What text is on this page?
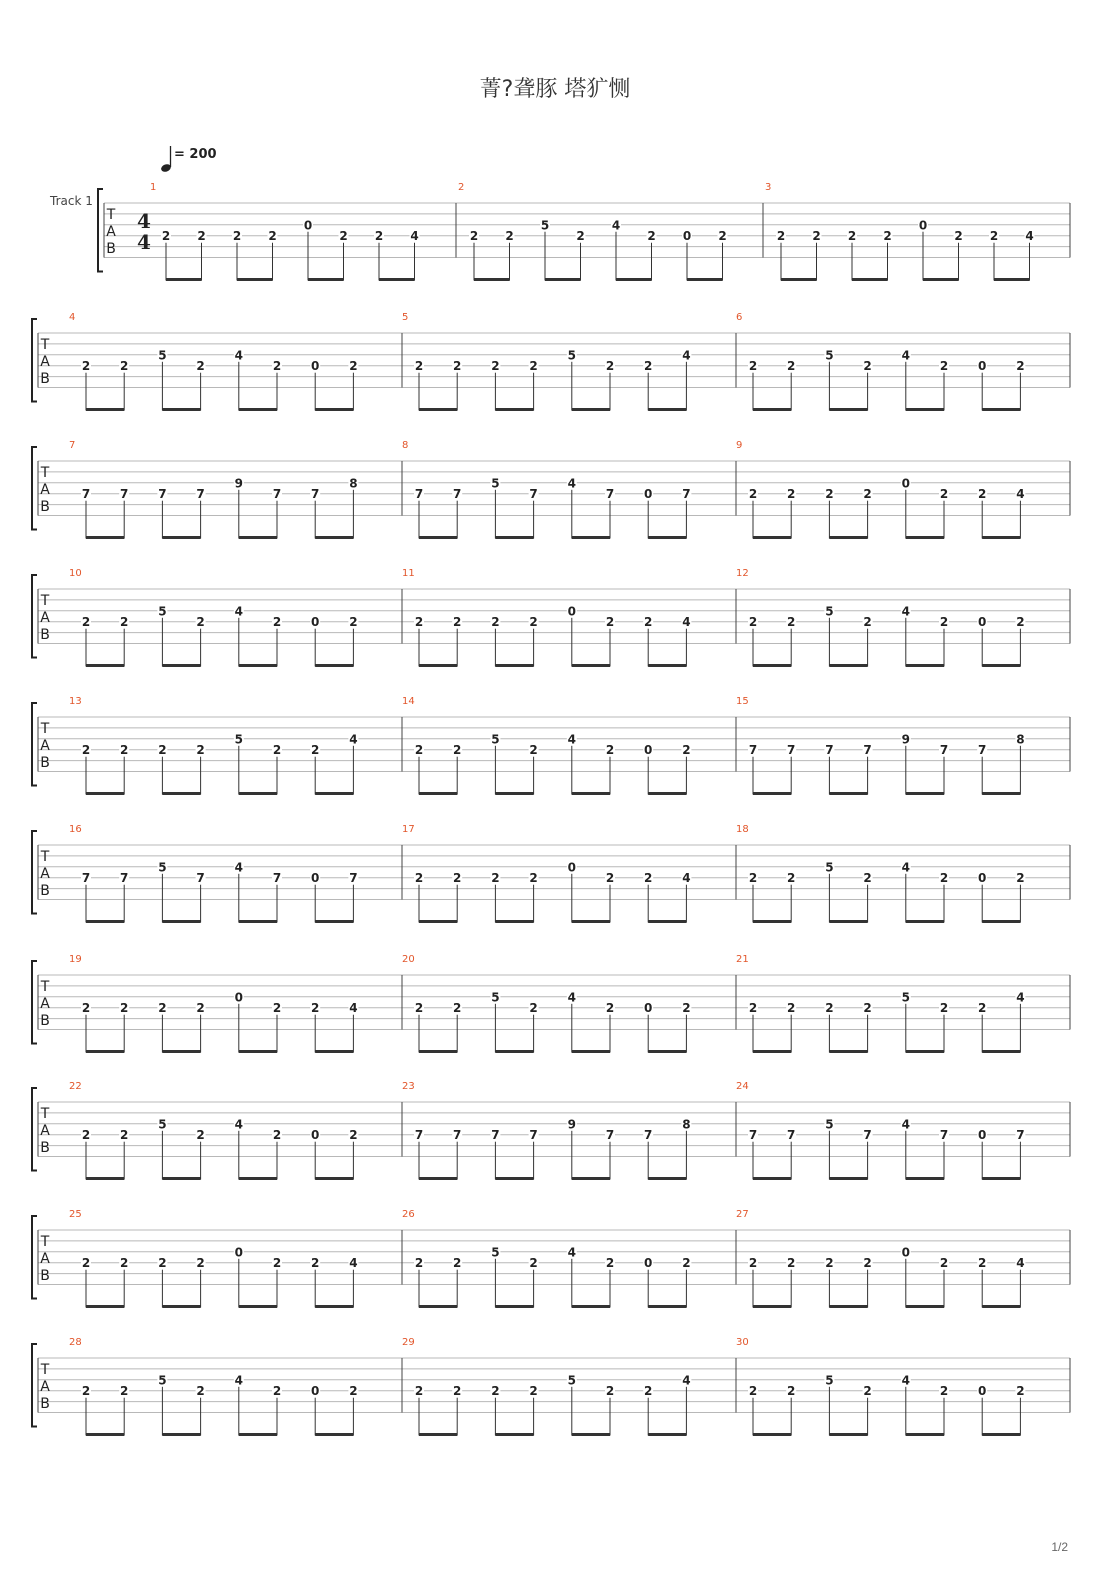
菁?聋豚 塔犷恻
T
A
B
4
4
Track 1
= 200
1
2 2 2 2
0
2 2 4
2
2 2
5
2
4
2 0 2
3
2 2 2 2
0
2 2 4
T
A
B
4
2 2
5
2
4
2 0 2
5
2 2 2 2
5
2 2
4
6
2 2
5
2
4
2 0 2
T
A
B
7
7 7 7 7
9
7 7
8
8
7 7
5
7
4
7 0 7
9
2 2 2 2
0
2 2 4
T
A
B
10
2 2
5
2
4
2 0 2
11
2 2 2 2
0
2 2 4
12
2 2
5
2
4
2 0 2
T
A
B
13
2 2 2 2
5
2 2
4
14
2 2
5
2
4
2 0 2
15
7 7 7 7
9
7 7
8
T
A
B
16
7 7
5
7
4
7 0 7
17
2 2 2 2
0
2 2 4
18
2 2
5
2
4
2 0 2
T
A
B
19
2 2 2 2
0
2 2 4
20
2 2
5
2
4
2 0 2
21
2 2 2 2
5
2 2
4
T
A
B
22
2 2
5
2
4
2 0 2
23
7 7 7 7
9
7 7
8
24
7 7
5
7
4
7 0 7
T
A
B
25
2 2 2 2
0
2 2 4
26
2 2
5
2
4
2 0 2
27
2 2 2 2
0
2 2 4
T
A
B
28
2 2
5
2
4
2 0 2
29
2 2 2 2
5
2 2
4
30
2 2
5
2
4
2 0 2
1/2
